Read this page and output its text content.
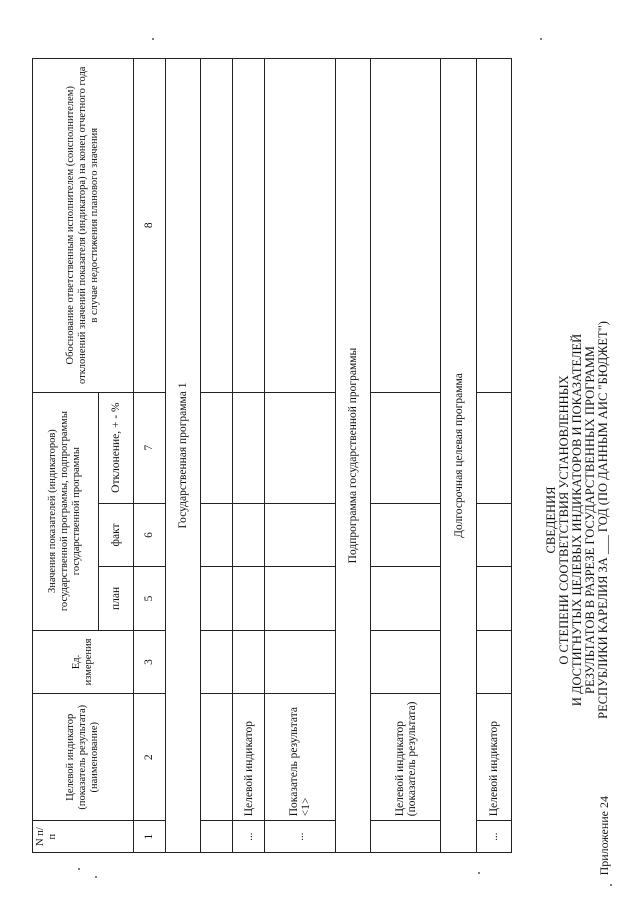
Приложение 24
СВЕДЕНИЯ О СТЕПЕНИ СООТВЕТСТВИЯ УСТАНОВЛЕННЫХ И ДОСТИГНУТЫХ ЦЕЛЕВЫХ ИНДИКАТОРОВ И ПОКАЗАТЕЛЕЙ РЕЗУЛЬТАТОВ В РАЗРЕЗЕ ГОСУДАРСТВЕННЫХ ПРОГРАММ РЕСПУБЛИКИ КАРЕЛИЯ ЗА ___ ГОД (ПО ДАННЫМ АИС "БЮДЖЕТ")
N п/п	Целевой индикатор (показатель результата) (наименование)	Ед. измерения	Значения показателей (индикаторов) государственной программы, подпрограммы государственной программы			Обоснование ответственным исполнителем (соисполнителем) отклонений значений показателя (индикатора) на конец отчетного года в случае недостижения планового значения
			план	факт	Отклонение, + - %	
1	2	3	5	6	7	8
Государственная программа 1						

...	Целевой индикатор					
...	Показатель результата <1>					
Подпрограмма государственной программы						
	Целевой индикатор (показатель результата)					
Долгосрочная целевая программа						
...	Целевой индикатор					
